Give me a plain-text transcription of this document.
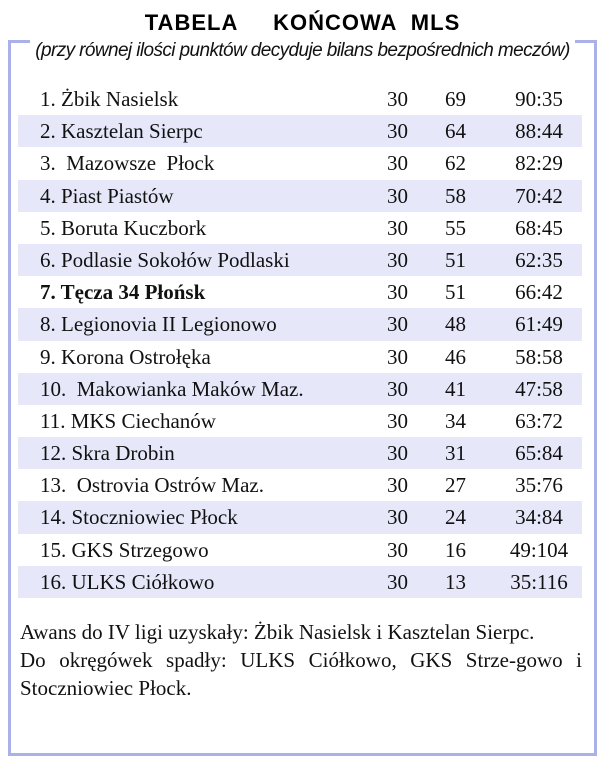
TABELA     KOŃCOWA  MLS
(przy równej ilości punktów decyduje bilans bezpośrednich meczów)
1. Żbik Nasielsk	30	69	90:35
2. Kasztelan Sierpc	30	64	88:44
3.  Mazowsze  Płock	30	62	82:29
4. Piast Piastów	30	58	70:42
5. Boruta Kuczbork	30	55	68:45
6. Podlasie Sokołów Podlaski	30	51	62:35
7. Tęcza 34 Płońsk	30	51	66:42
8. Legionovia II Legionowo	30	48	61:49
9. Korona Ostrołęka	30	46	58:58
10.  Makowianka Maków Maz.	30	41	47:58
11. MKS Ciechanów	30	34	63:72
12. Skra Drobin	30	31	65:84
13.  Ostrovia Ostrów Maz.	30	27	35:76
14. Stoczniowiec Płock	30	24	34:84
15. GKS Strzegowo	30	16	49:104
16. ULKS Ciółkowo	30	13	35:116

Awans do IV ligi uzyskały: Żbik Nasielsk i Kasztelan Sierpc.

Do okręgówek spadły: ULKS Ciółkowo, GKS Strze-gowo i Stoczniowiec Płock.
